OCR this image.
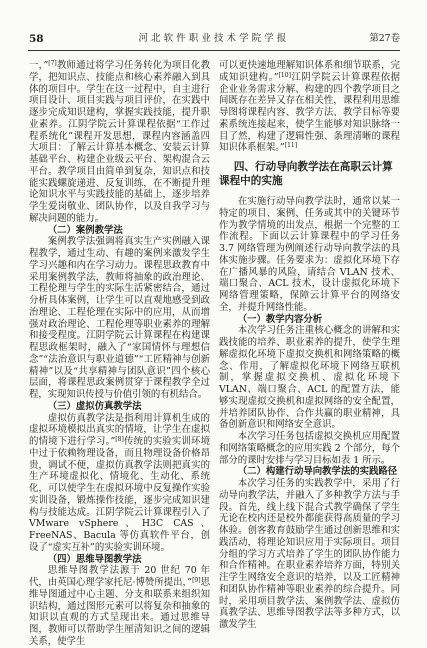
58	河北软件职业技术学院学报	第27卷

一，”[7]教师通过将学习任务转化为项目化教学，把知识点、技能点和核心素养融入到具体的项目中。学生在这一过程中，自主进行项目设计、项目实践与项目评价，在实践中逐步完成知识建构，掌握实践技能，提升职业素养。江阴学院云计算课程依据“工作过程系统化”课程开发思想，课程内容涵盖四大项目：了解云计算基本概念、安装云计算基础平台、构建企业级云平台、架构混合云平台。教学项目由简单到复杂，知识点和技能实践螺旋递进、反复训练，在不断提升理论知识水平与实践技能的基础上，逐步培养学生爱岗敬业、团队协作，以及自我学习与解决问题的能力。

（二）案例教学法

案例教学法强调将真实生产实例融入课程教学，通过生动、有趣的案例来激发学生学习兴趣和内在学习动力。课程思政教育中采用案例教学法，教师将抽象的政治理论、工程伦理与学生的实际生活紧密结合，通过分析具体案例，让学生可以直观地感受到政治理论、工程伦理在实际中的应用，从而增强对政治理论、工程伦理等职业素养的理解和接受程度。江阴学院云计算课程在构建课程思政框架时，融入了“家国情怀与理想信念”“法治意识与职业道德”“工匠精神与创新精神”以及“共享精神与团队意识”四个核心层面，将课程思政案例贯穿于课程教学全过程，实现知识传授与价值引领的有机结合。

（三）虚拟仿真教学法

虚拟仿真教学法是指利用计算机生成的虚拟环境模拟出真实的情境，让学生在虚拟的情境下进行学习。”[8]传统的实验实训环境中过于依赖物理设备，而且物理设备价格昂贵，调试不便，虚拟仿真教学法则把真实的生产环境虚拟化、情境化、生动化、系统化，可以使学生在虚拟环境中反复操作实验实训设备，锻炼操作技能，逐步完成知识建构与技能达成。江阴学院云计算课程引入了 VMware vSphere、H3C CAS、FreeNAS、Bacula 等仿真软件平台，创设了“虚实互补”的实验实训环境。

（四）思维导图教学法

思维导图教学法源于 20 世纪 70 年代，由英国心理学家托尼·博赞所提出，”[9]思维导图通过中心主题、分支和联系来组织知识结构，通过图形元素可以将复杂和抽象的知识以直观的方式呈现出来。通过思维导图，教师可以帮助学生厘清知识之间的逻辑关系，使学生

可以更快速地理解知识体系和细节联系，完成知识建构。”[10]江阴学院云计算课程依据企业业务需求分解、构建的四个教学项目之间既存在差异又存在相关性，课程利用思维导图将课程内容、教学方法、教学目标等要素系统连接起来，使学生能够对知识脉络一目了然，构建了逻辑性强、条理清晰的课程知识体系框架。”[11]

四、行动导向教学法在高职云计算课程中的实施

在实施行动导向教学法时，通常以某一特定的项目、案例、任务或其中的关键环节作为教学情境的出发点，根据一个完整的工作流程。下面以云计算课程中的学习任务 3.7 网络管理为例阐述行动导向教学法的具体实施步骤。任务要求为：虚拟化环境下存在广播风暴的风险，请结合 VLAN 技术、端口聚合、ACL 技术，设计虚拟化环境下网络管理策略，保障云计算平台的网络安全，并提升网络性能。

（一）教学内容分析

本次学习任务注重核心概念的讲解和实践技能的培养、职业素养的提升，使学生理解虚拟化环境下虚拟交换机和网络策略的概念、作用，了解虚拟化环境下网络互联机制，掌握虚拟交换机、虚拟化环境下 VLAN、端口聚合、ACL 的配置方法，能够实现虚拟交换机和虚拟网络的安全配置，并培养团队协作、合作共赢的职业精神，具备创新意识和网络安全意识。

本次学习任务包括虚拟交换机应用配置和网络策略概念的应用实践 2 个部分，每个部分的课时安排与学习目标如表 1 所示。

（二）构建行动导向教学法的实践路径

本次学习任务的实践教学中，采用了行动导向教学法，并融入了多种教学方法与手段。首先，线上线下混合式教学确保了学生无论在校内还是校外都能获得高质量的学习体验。创客教育鼓励学生通过创新思维和实践活动，将理论知识应用于实际项目。项目分组的学习方式培养了学生的团队协作能力和合作精神。在职业素养培养方面，特别关注学生网络安全意识的培养，以及工匠精神和团队协作精神等职业素养的综合提升。同时，采用项目教学法、案例教学法、虚拟仿真教学法、思维导图教学法等多种方式，以激发学生
